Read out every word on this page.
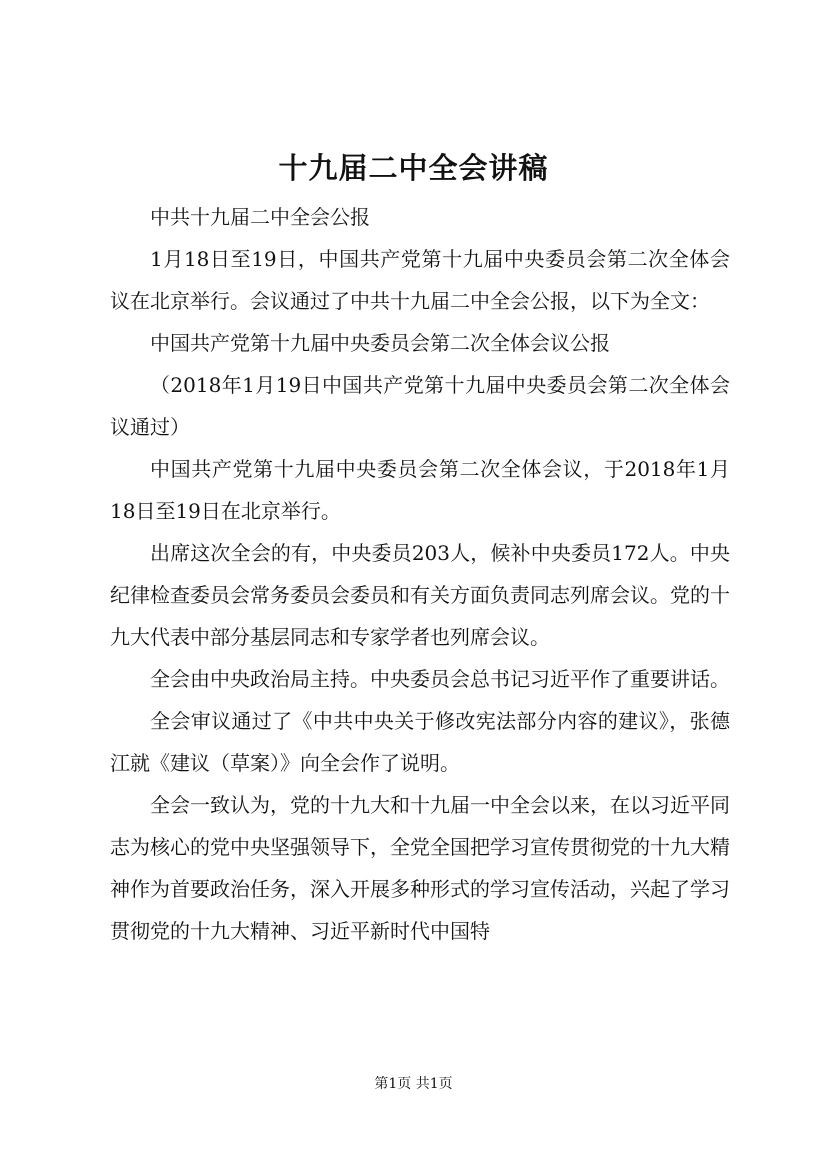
十九届二中全会讲稿

中共十九届二中全会公报

1月18日至19日，中国共产党第十九届中央委员会第二次全体会议在北京举行。会议通过了中共十九届二中全会公报，以下为全文：

中国共产党第十九届中央委员会第二次全体会议公报

（2018年1月19日中国共产党第十九届中央委员会第二次全体会议通过）

中国共产党第十九届中央委员会第二次全体会议，于2018年1月18日至19日在北京举行。

出席这次全会的有，中央委员203人，候补中央委员172人。中央纪律检查委员会常务委员会委员和有关方面负责同志列席会议。党的十九大代表中部分基层同志和专家学者也列席会议。

全会由中央政治局主持。中央委员会总书记习近平作了重要讲话。

全会审议通过了《中共中央关于修改宪法部分内容的建议》，张德江就《建议（草案）》向全会作了说明。

全会一致认为，党的十九大和十九届一中全会以来，在以习近平同志为核心的党中央坚强领导下，全党全国把学习宣传贯彻党的十九大精神作为首要政治任务，深入开展多种形式的学习宣传活动，兴起了学习贯彻党的十九大精神、习近平新时代中国特

第1页 共1页
